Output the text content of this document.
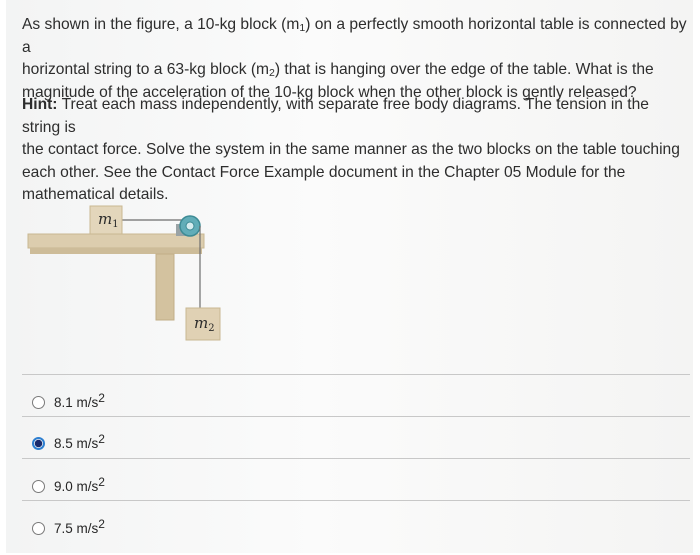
As shown in the figure, a 10-kg block $(m_1)$ on a perfectly smooth horizontal table is connected by a
horizontal string to a 63-kg block $(m_2)$ that is hanging over the edge of the table. What is the
magnitude of the acceleration of the 10-kg block when the other block is gently released?
Hint: Treat each mass independently, with separate free body diagrams. The tension in the string is
the contact force. Solve the system in the same manner as the two blocks on the table touching
each other. See the Contact Force Example document in the Chapter 05 Module for the
mathematical details.
$m_1$
$m_2$
8.1 $m/s^2$
8.5 $m/s^2$
9.0 $m/s^2$
7.5 $m/s^2$
